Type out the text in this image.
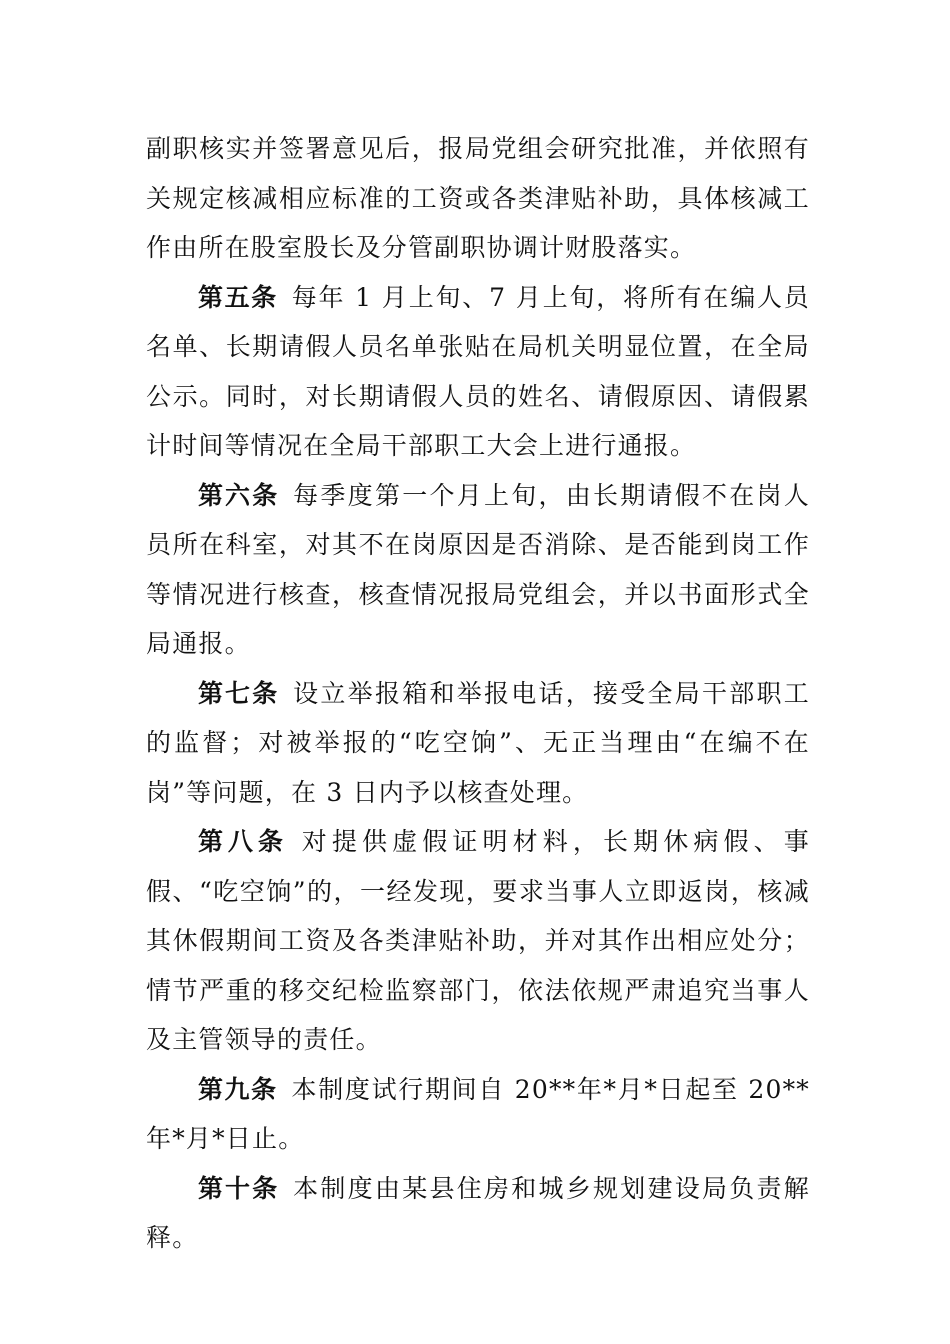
副职核实并签署意见后，报局党组会研究批准，并依照有关规定核减相应标准的工资或各类津贴补助，具体核减工作由所在股室股长及分管副职协调计财股落实。

第五条 每年 1 月上旬、7 月上旬，将所有在编人员名单、长期请假人员名单张贴在局机关明显位置，在全局公示。同时，对长期请假人员的姓名、请假原因、请假累计时间等情况在全局干部职工大会上进行通报。

第六条 每季度第一个月上旬，由长期请假不在岗人员所在科室，对其不在岗原因是否消除、是否能到岗工作等情况进行核查，核查情况报局党组会，并以书面形式全局通报。

第七条 设立举报箱和举报电话，接受全局干部职工的监督；对被举报的“吃空饷”、无正当理由“在编不在岗”等问题，在 3 日内予以核查处理。

第八条 对提供虚假证明材料，长期休病假、事假、“吃空饷”的，一经发现，要求当事人立即返岗，核减其休假期间工资及各类津贴补助，并对其作出相应处分；情节严重的移交纪检监察部门，依法依规严肃追究当事人及主管领导的责任。

第九条 本制度试行期间自 20**年*月*日起至 20**年*月*日止。

第十条 本制度由某县住房和城乡规划建设局负责解释。
